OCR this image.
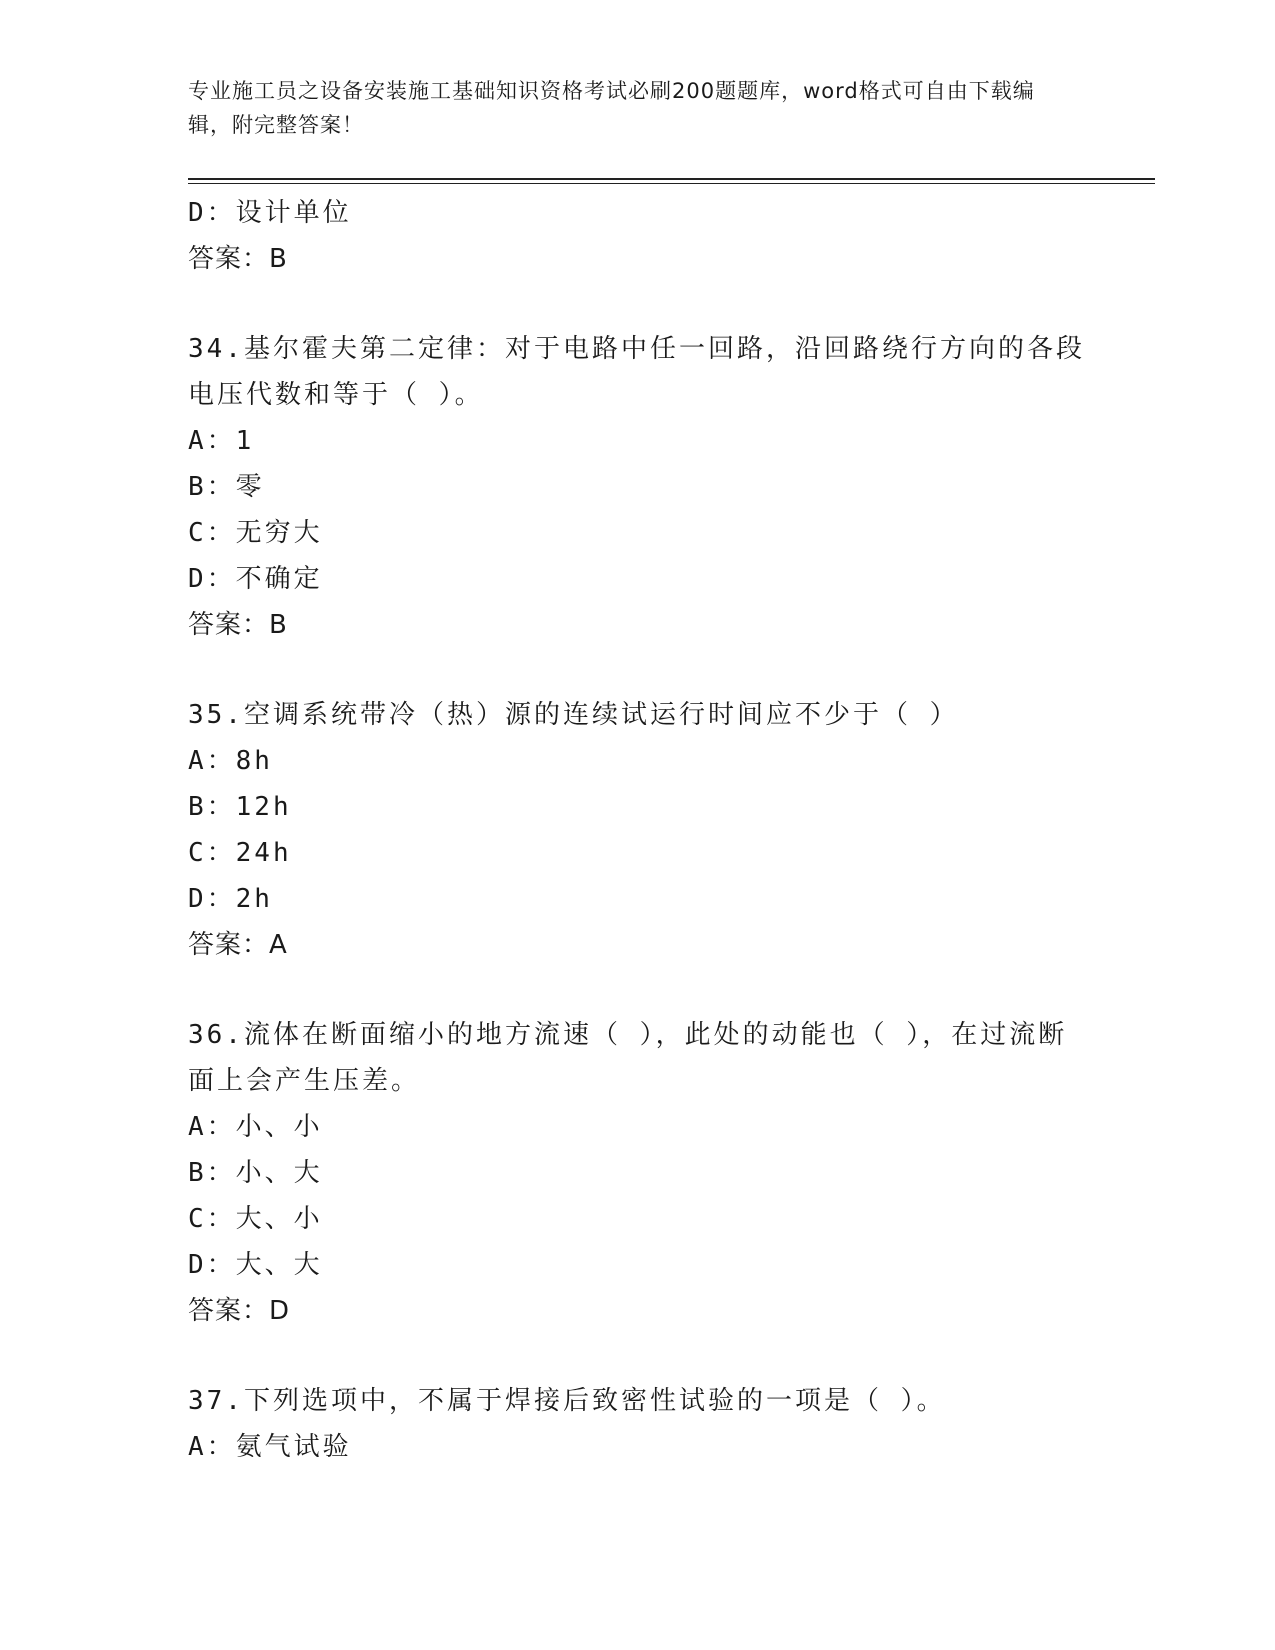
专业施工员之设备安装施工基础知识资格考试必刷200题题库，word格式可自由下载编辑，附完整答案！
D：设计单位
答案：B
34.基尔霍夫第二定律：对于电路中任一回路，沿回路绕行方向的各段电压代数和等于（ ）。
A：1
B：零
C：无穷大
D：不确定
答案：B
35.空调系统带冷（热）源的连续试运行时间应不少于（ ）
A：8h
B：12h
C：24h
D：2h
答案：A
36.流体在断面缩小的地方流速（ ），此处的动能也（ ），在过流断面上会产生压差。
A：小、小
B：小、大
C：大、小
D：大、大
答案：D
37.下列选项中，不属于焊接后致密性试验的一项是（ ）。
A：氨气试验
